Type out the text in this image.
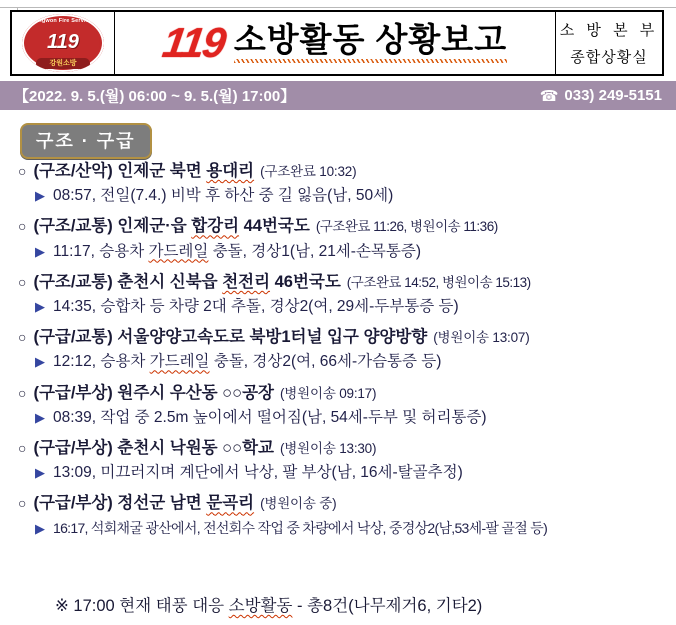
Gangwon Fire Services
119
강원소방	119 소방활동 상황보고	소 방 본 부
종합상황실
【2022. 9. 5.(월) 06:00 ~ 9. 5.(월) 17:00】	☎ 033) 249-5151
구조 · 구급
○ (구조/산악) 인제군 북면 용대리 (구조완료 10:32)
▶ 08:57, 전일(7.4.) 비박 후 하산 중 길 잃음(남, 50세)
○ (구조/교통) 인제군·읍 합강리 44번국도 (구조완료 11:26, 병원이송 11:36)
▶ 11:17, 승용차 가드레일 충돌, 경상1(남, 21세-손목통증)
○ (구조/교통) 춘천시 신북읍 천전리 46번국도 (구조완료 14:52, 병원이송 15:13)
▶ 14:35, 승합차 등 차량 2대 추돌, 경상2(여, 29세-두부통증 등)
○ (구급/교통) 서울양양고속도로 북방1터널 입구 양양방향 (병원이송 13:07)
▶ 12:12, 승용차 가드레일 충돌, 경상2(여, 66세-가슴통증 등)
○ (구급/부상) 원주시 우산동 ○○공장 (병원이송 09:17)
▶ 08:39, 작업 중 2.5m 높이에서 떨어짐(남, 54세-두부 및 허리통증)
○ (구급/부상) 춘천시 낙원동 ○○학교 (병원이송 13:30)
▶ 13:09, 미끄러지며 계단에서 낙상, 팔 부상(남, 16세-탈골추정)
○ (구급/부상) 정선군 남면 문곡리 (병원이송 중)
▶ 16:17, 석회채굴 광산에서, 전선회수 작업 중 차량에서 낙상, 중경상2(남,53세-팔 골절 등)
※ 17:00 현재 태풍 대응 소방활동 - 총8건(나무제거6, 기타2)
